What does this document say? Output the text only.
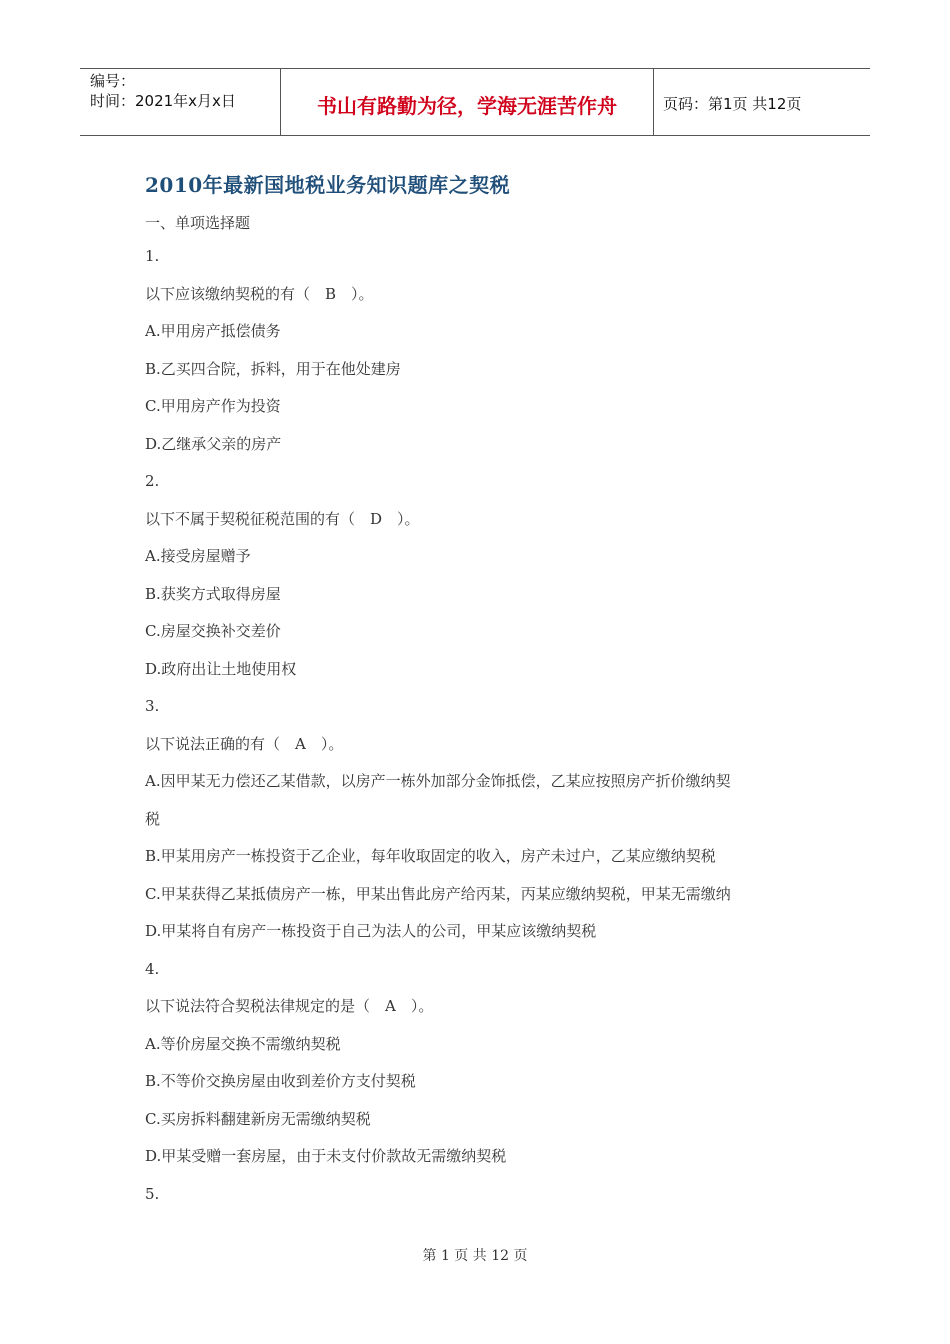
编号：
时间：2021年x月x日	书山有路勤为径，学海无涯苦作舟	页码：第1页 共12页
2010年最新国地税业务知识题库之契税
一、单项选择题
1.
以下应该缴纳契税的有（　B　）。
A.甲用房产抵偿债务
B.乙买四合院，拆料，用于在他处建房
C.甲用房产作为投资
D.乙继承父亲的房产
2.
以下不属于契税征税范围的有（　D　）。
A.接受房屋赠予
B.获奖方式取得房屋
C.房屋交换补交差价
D.政府出让土地使用权
3.
以下说法正确的有（　A　）。
A.因甲某无力偿还乙某借款，以房产一栋外加部分金饰抵偿，乙某应按照房产折价缴纳契
税
B.甲某用房产一栋投资于乙企业，每年收取固定的收入，房产未过户，乙某应缴纳契税
C.甲某获得乙某抵债房产一栋，甲某出售此房产给丙某，丙某应缴纳契税，甲某无需缴纳
D.甲某将自有房产一栋投资于自己为法人的公司，甲某应该缴纳契税
4.
以下说法符合契税法律规定的是（　A　）。
A.等价房屋交换不需缴纳契税
B.不等价交换房屋由收到差价方支付契税
C.买房拆料翻建新房无需缴纳契税
D.甲某受赠一套房屋，由于未支付价款故无需缴纳契税
5.
第 1 页 共 12 页
